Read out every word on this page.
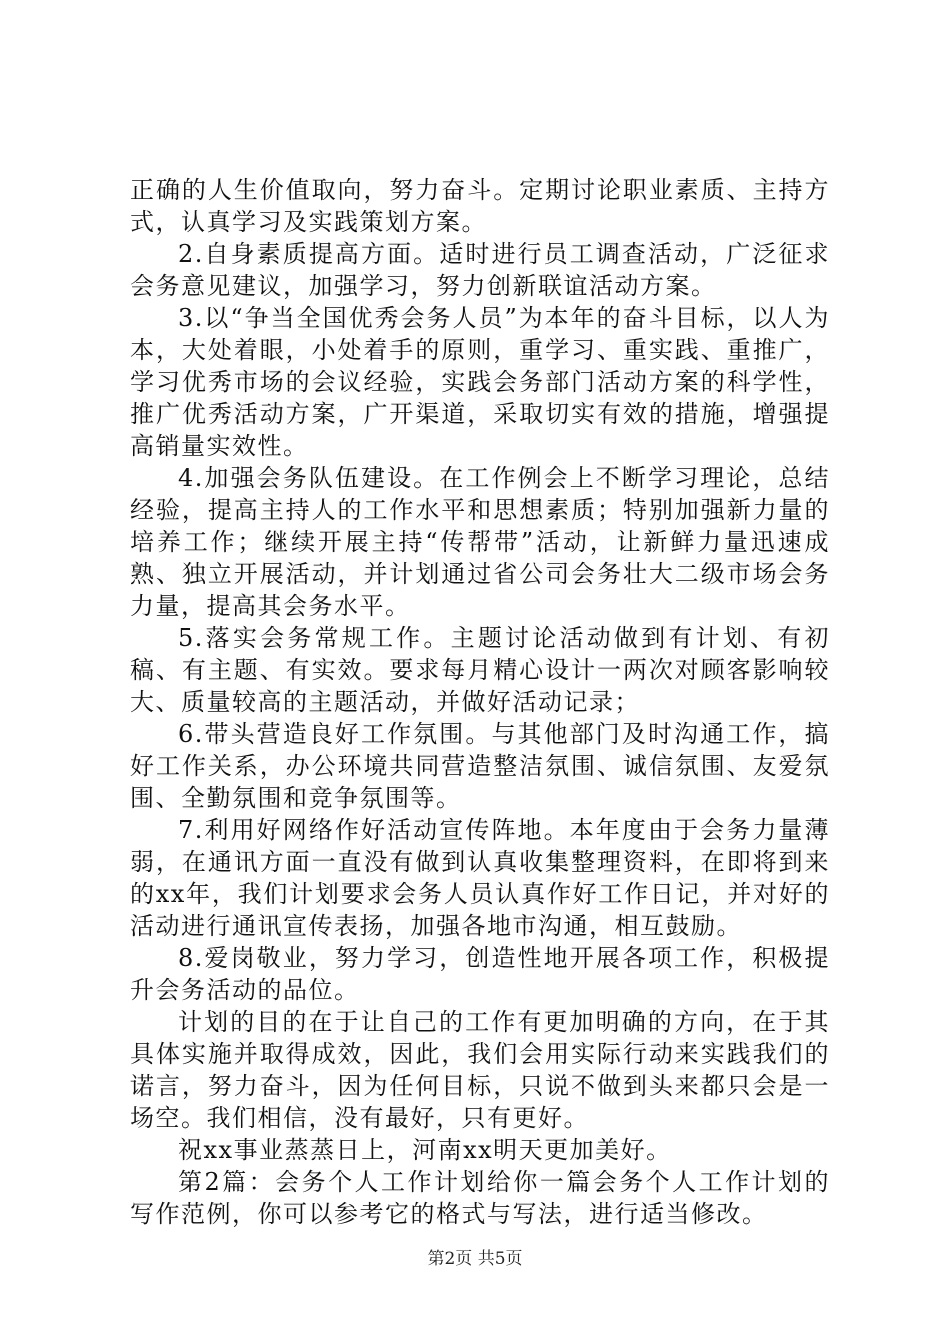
正确的人生价值取向，努力奋斗。定期讨论职业素质、主持方式，认真学习及实践策划方案。

2.自身素质提高方面。适时进行员工调查活动，广泛征求会务意见建议，加强学习，努力创新联谊活动方案。

3.以“争当全国优秀会务人员”为本年的奋斗目标，以人为本，大处着眼，小处着手的原则，重学习、重实践、重推广，学习优秀市场的会议经验，实践会务部门活动方案的科学性，推广优秀活动方案，广开渠道，采取切实有效的措施，增强提高销量实效性。

4.加强会务队伍建设。在工作例会上不断学习理论，总结经验，提高主持人的工作水平和思想素质；特别加强新力量的培养工作；继续开展主持“传帮带”活动，让新鲜力量迅速成熟、独立开展活动，并计划通过省公司会务壮大二级市场会务力量，提高其会务水平。

5.落实会务常规工作。主题讨论活动做到有计划、有初稿、有主题、有实效。要求每月精心设计一两次对顾客影响较大、质量较高的主题活动，并做好活动记录；

6.带头营造良好工作氛围。与其他部门及时沟通工作，搞好工作关系，办公环境共同营造整洁氛围、诚信氛围、友爱氛围、全勤氛围和竞争氛围等。

7.利用好网络作好活动宣传阵地。本年度由于会务力量薄弱，在通讯方面一直没有做到认真收集整理资料，在即将到来的xx年，我们计划要求会务人员认真作好工作日记，并对好的活动进行通讯宣传表扬，加强各地市沟通，相互鼓励。

8.爱岗敬业，努力学习，创造性地开展各项工作，积极提升会务活动的品位。

计划的目的在于让自己的工作有更加明确的方向，在于其具体实施并取得成效，因此，我们会用实际行动来实践我们的诺言，努力奋斗，因为任何目标，只说不做到头来都只会是一场空。我们相信，没有最好，只有更好。

祝xx事业蒸蒸日上，河南xx明天更加美好。

第2篇：会务个人工作计划给你一篇会务个人工作计划的写作范例，你可以参考它的格式与写法，进行适当修改。

第2页 共5页
